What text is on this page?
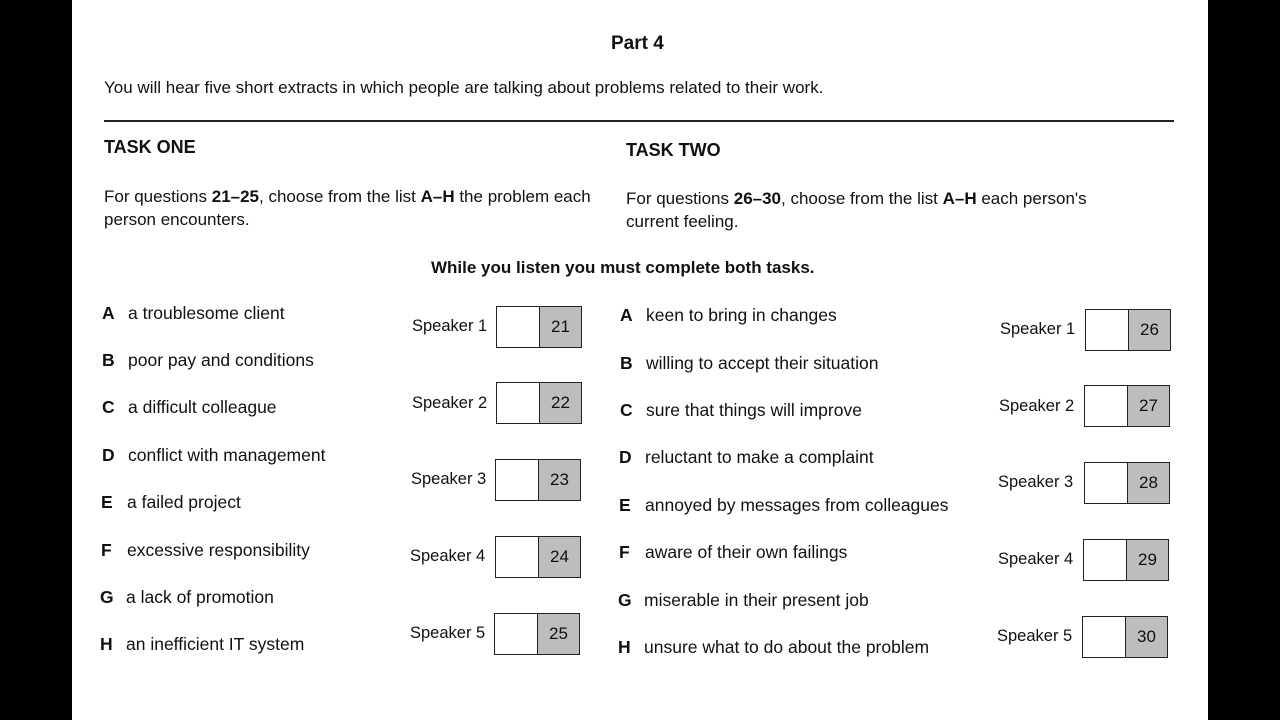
Part 4
You will hear five short extracts in which people are talking about problems related to their work.
TASK ONE
For questions 21–25, choose from the list A–H the problem each person encounters.
TASK TWO
For questions 26–30, choose from the list A–H each person's current feeling.
While you listen you must complete both tasks.
A a troublesome client
B poor pay and conditions
C a difficult colleague
D conflict with management
E a failed project
F excessive responsibility
G a lack of promotion
H an inefficient IT system
Speaker 1	21
Speaker 2	22
Speaker 3	23
Speaker 4	24
Speaker 5	25
A keen to bring in changes
B willing to accept their situation
C sure that things will improve
D reluctant to make a complaint
E annoyed by messages from colleagues
F aware of their own failings
G miserable in their present job
H unsure what to do about the problem
Speaker 1	26
Speaker 2	27
Speaker 3	28
Speaker 4	29
Speaker 5	30
